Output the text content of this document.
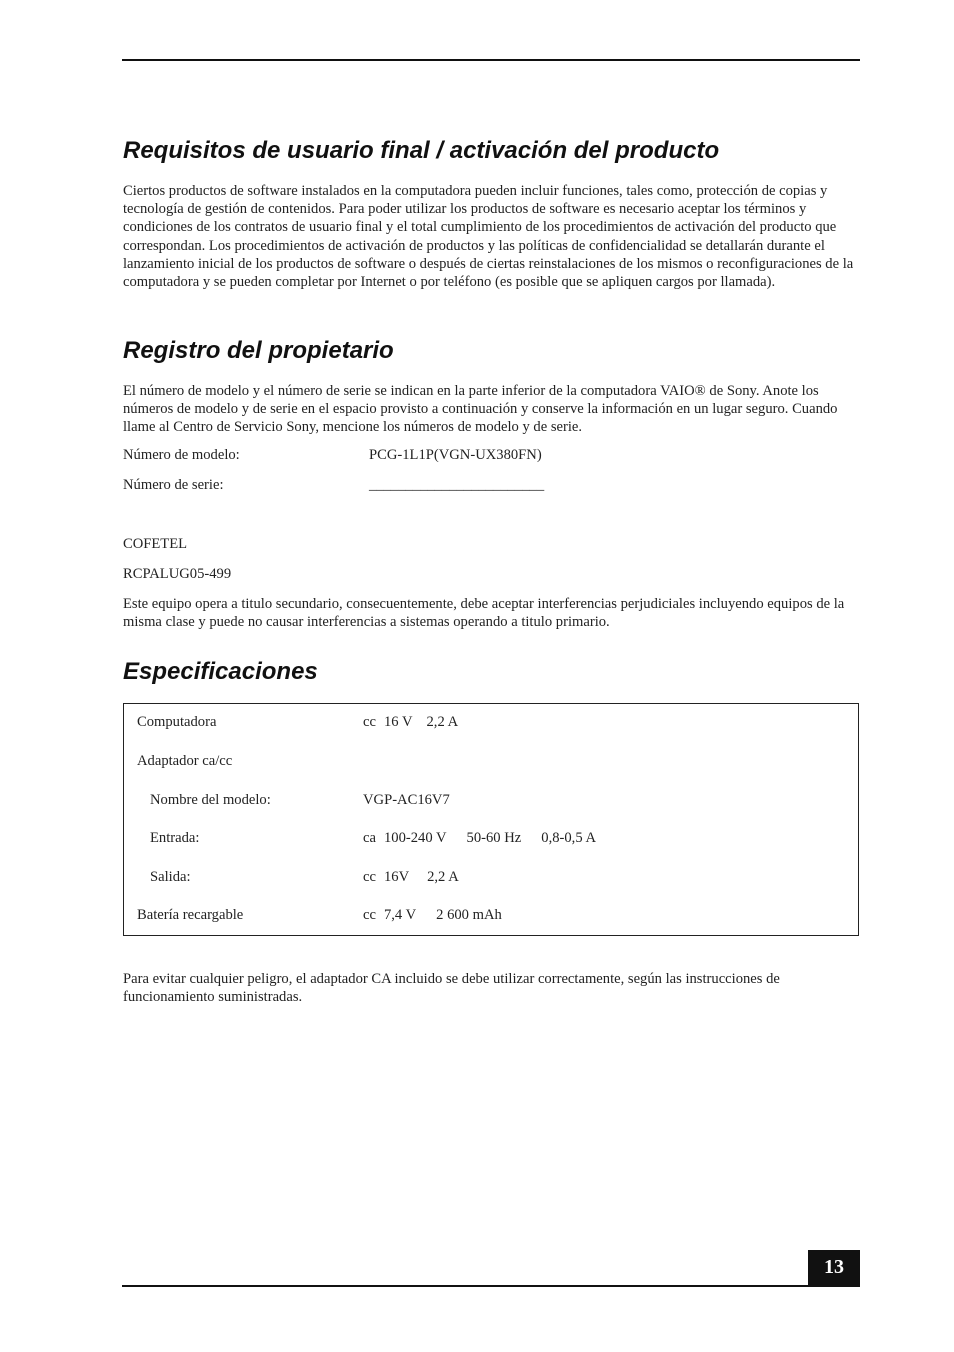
Requisitos de usuario final / activación del producto

Ciertos productos de software instalados en la computadora pueden incluir funciones, tales como, protección de copias y tecnología de gestión de contenidos. Para poder utilizar los productos de software es necesario aceptar los términos y condiciones de los contratos de usuario final y el total cumplimiento de los procedimientos de activación del producto que correspondan. Los procedimientos de activación de productos y las políticas de confidencialidad se detallarán durante el lanzamiento inicial de los productos de software o después de ciertas reinstalaciones de los mismos o reconfiguraciones de la computadora y se pueden completar por Internet o por teléfono (es posible que se apliquen cargos por llamada).

Registro del propietario

El número de modelo y el número de serie se indican en la parte inferior de la computadora VAIO® de Sony. Anote los números de modelo y de serie en el espacio provisto a continuación y conserve la información en un lugar seguro. Cuando llame al Centro de Servicio Sony, mencione los números de modelo y de serie.

Número de modelo:	PCG-1L1P(VGN-UX380FN)
Número de serie:	________________________
COFETEL
RCPALUG05-499

Este equipo opera a titulo secundario, consecuentemente, debe aceptar interferencias perjudiciales incluyendo equipos de la misma clase y puede no causar interferencias a sistemas operando a titulo primario.

Especificaciones
Computadora	cc 16 V 2,2 A
Adaptador ca/cc
Nombre del modelo:	VGP-AC16V7
Entrada:	ca 100-240 V 50-60 Hz 0,8-0,5 A
Salida:	cc 16V 2,2 A
Batería recargable	cc 7,4 V 2 600 mAh

Para evitar cualquier peligro, el adaptador CA incluido se debe utilizar correctamente, según las instrucciones de funcionamiento suministradas.

13
